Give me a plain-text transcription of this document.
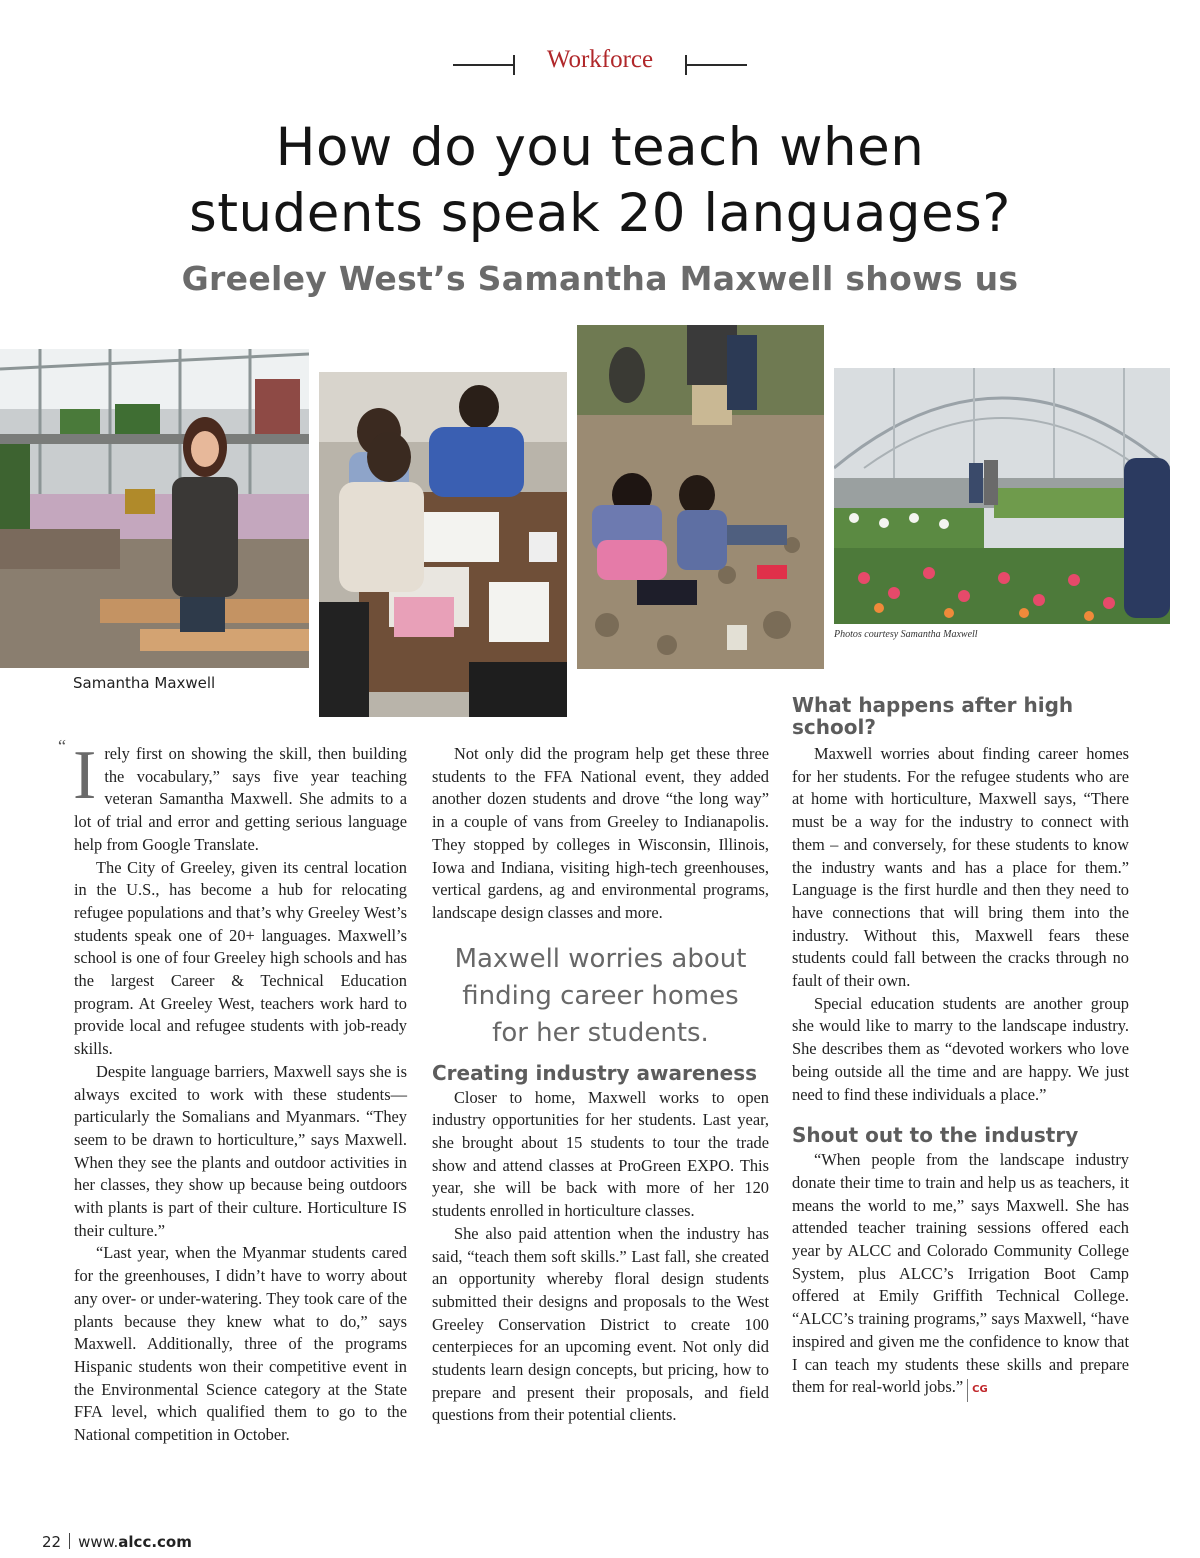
Workforce
How do you teach when
students speak 20 languages?
Greeley West’s Samantha Maxwell shows us
Samantha Maxwell
Photos courtesy Samantha Maxwell
What happens after high school?
“ I rely first on showing the skill, then building the vocabulary,” says five year teaching veteran Samantha Maxwell. She admits to a lot of trial and error and getting serious language help from Google Translate.

The City of Greeley, given its central location in the U.S., has become a hub for relocating refugee populations and that’s why Greeley West’s students speak one of 20+ languages. Maxwell’s school is one of four Greeley high schools and has the largest Career & Technical Education program. At Greeley West, teachers work hard to provide local and refugee students with job-ready skills.

Despite language barriers, Maxwell says she is always excited to work with these students—particularly the Somalians and Myanmars. “They seem to be drawn to horticulture,” says Maxwell. When they see the plants and outdoor activities in her classes, they show up because being outdoors with plants is part of their culture. Horticulture IS their culture.”

“Last year, when the Myanmar students cared for the greenhouses, I didn’t have to worry about any over- or under-watering. They took care of the plants because they knew what to do,” says Maxwell. Additionally, three of the programs Hispanic students won their competitive event in the Environmental Science category at the State FFA level, which qualified them to go to the National competition in October.

Not only did the program help get these three students to the FFA National event, they added another dozen students and drove “the long way” in a couple of vans from Greeley to Indianapolis. They stopped by colleges in Wisconsin, Illinois, Iowa and Indiana, visiting high-tech greenhouses, vertical gardens, ag and environmental programs, landscape design classes and more.

Maxwell worries about
finding career homes
for her students.
Creating industry awareness

Closer to home, Maxwell works to open industry opportunities for her students. Last year, she brought about 15 students to tour the trade show and attend classes at ProGreen EXPO. This year, she will be back with more of her 120 students enrolled in horticulture classes.

She also paid attention when the industry has said, “teach them soft skills.” Last fall, she created an opportunity whereby floral design students submitted their designs and proposals to the West Greeley Conservation District to create 100 centerpieces for an upcoming event. Not only did students learn design concepts, but pricing, how to prepare and present their proposals, and field questions from their potential clients.

Maxwell worries about finding career homes for her students. For the refugee students who are at home with horticulture, Maxwell says, “There must be a way for the industry to connect with them – and conversely, for these students to know the industry wants and has a place for them.” Language is the first hurdle and then they need to have connections that will bring them into the industry. Without this, Maxwell fears these students could fall between the cracks through no fault of their own.

Special education students are another group she would like to marry to the landscape industry. She describes them as “devoted workers who love being outside all the time and are happy. We just need to find these individuals a place.”

Shout out to the industry

“When people from the landscape industry donate their time to train and help us as teachers, it means the world to me,” says Maxwell. She has attended teacher training sessions offered each year by ALCC and Colorado Community College System, plus ALCC’s Irrigation Boot Camp offered at Emily Griffith Technical College. “ALCC’s training programs,” says Maxwell, “have inspired and given me the confidence to know that I can teach my students these skills and prepare them for real-world jobs.” CG

22 www.alcc.com
